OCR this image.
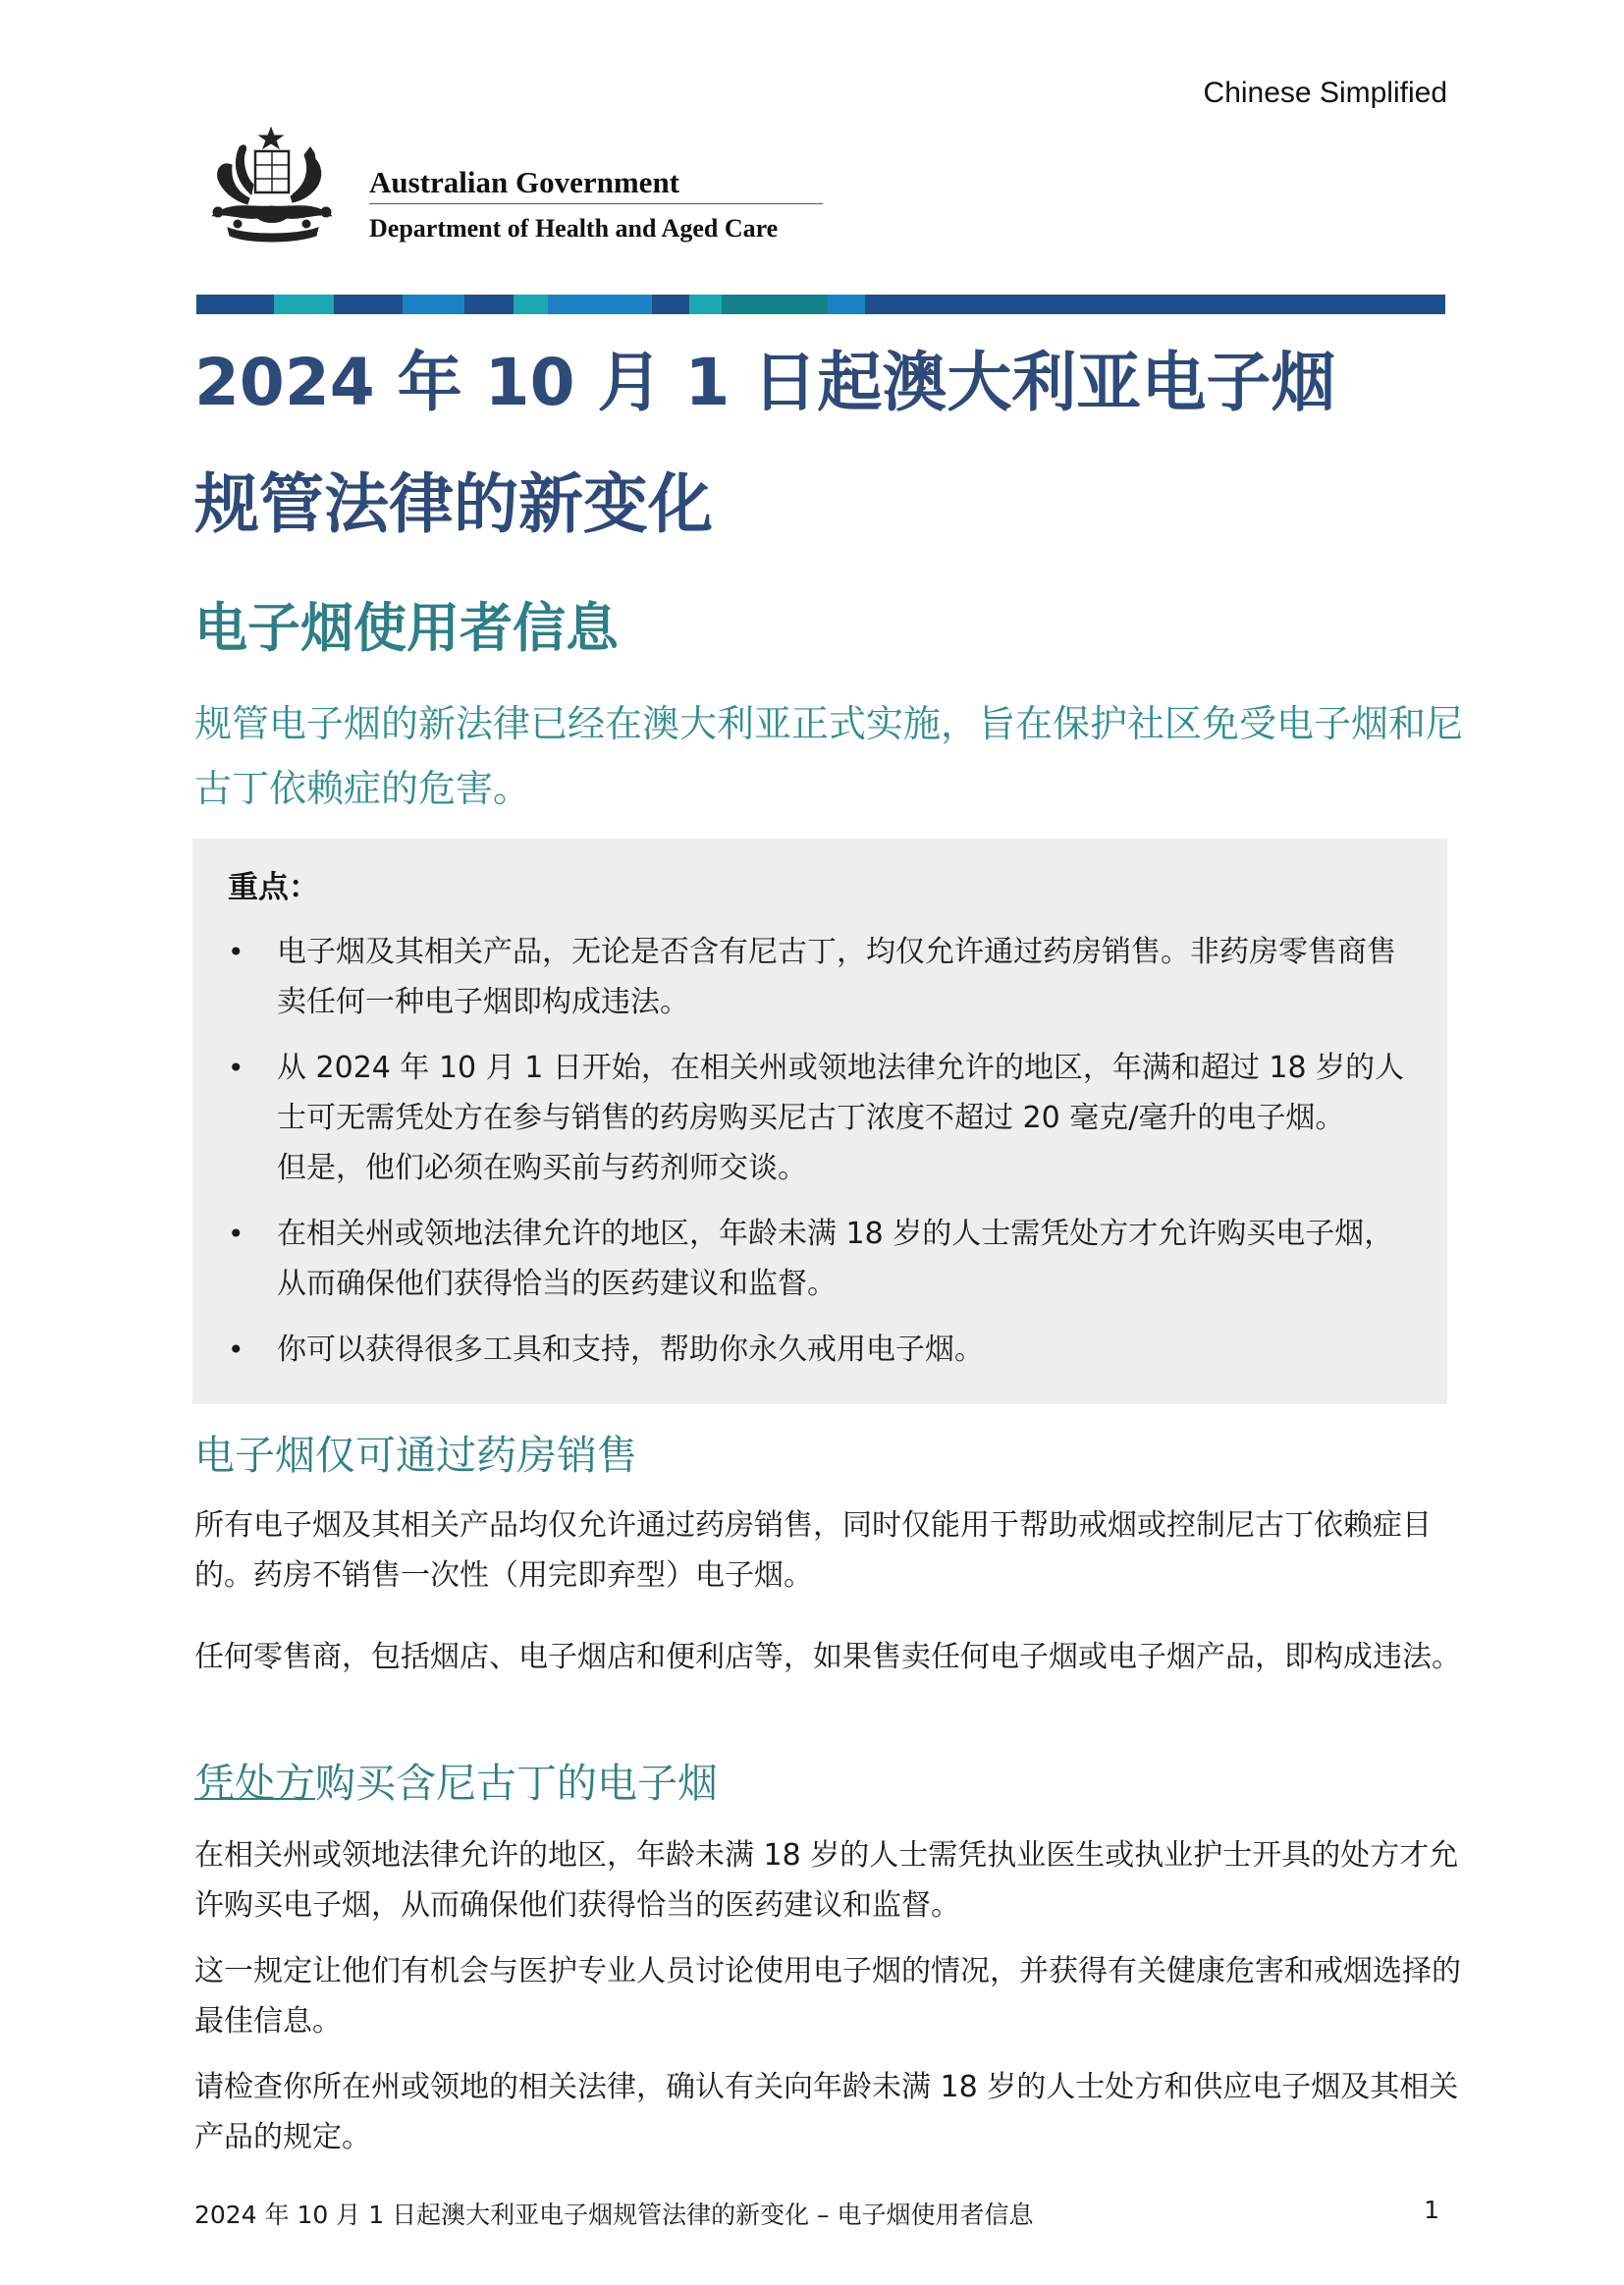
Chinese Simplified
Australian Government
Department of Health and Aged Care
2024 年 10 月 1 日起澳大利亚电子烟
规管法律的新变化
电子烟使用者信息

规管电子烟的新法律已经在澳大利亚正式实施，旨在保护社区免受电子烟和尼古丁依赖症的危害。

重点：
• 电子烟及其相关产品，无论是否含有尼古丁，均仅允许通过药房销售。非药房零售商售卖任何一种电子烟即构成违法。
• 从 2024 年 10 月 1 日开始，在相关州或领地法律允许的地区，年满和超过 18 岁的人士可无需凭处方在参与销售的药房购买尼古丁浓度不超过 20 毫克/毫升的电子烟。
但是，他们必须在购买前与药剂师交谈。
• 在相关州或领地法律允许的地区，年龄未满 18 岁的人士需凭处方才允许购买电子烟，从而确保他们获得恰当的医药建议和监督。
• 你可以获得很多工具和支持，帮助你永久戒用电子烟。
电子烟仅可通过药房销售

所有电子烟及其相关产品均仅允许通过药房销售，同时仅能用于帮助戒烟或控制尼古丁依赖症目的。药房不销售一次性（用完即弃型）电子烟。

任何零售商，包括烟店、电子烟店和便利店等，如果售卖任何电子烟或电子烟产品，即构成违法。

凭处方购买含尼古丁的电子烟

在相关州或领地法律允许的地区，年龄未满 18 岁的人士需凭执业医生或执业护士开具的处方才允许购买电子烟，从而确保他们获得恰当的医药建议和监督。

这一规定让他们有机会与医护专业人员讨论使用电子烟的情况，并获得有关健康危害和戒烟选择的最佳信息。

请检查你所在州或领地的相关法律，确认有关向年龄未满 18 岁的人士处方和供应电子烟及其相关产品的规定。

2024 年 10 月 1 日起澳大利亚电子烟规管法律的新变化 – 电子烟使用者信息	1
